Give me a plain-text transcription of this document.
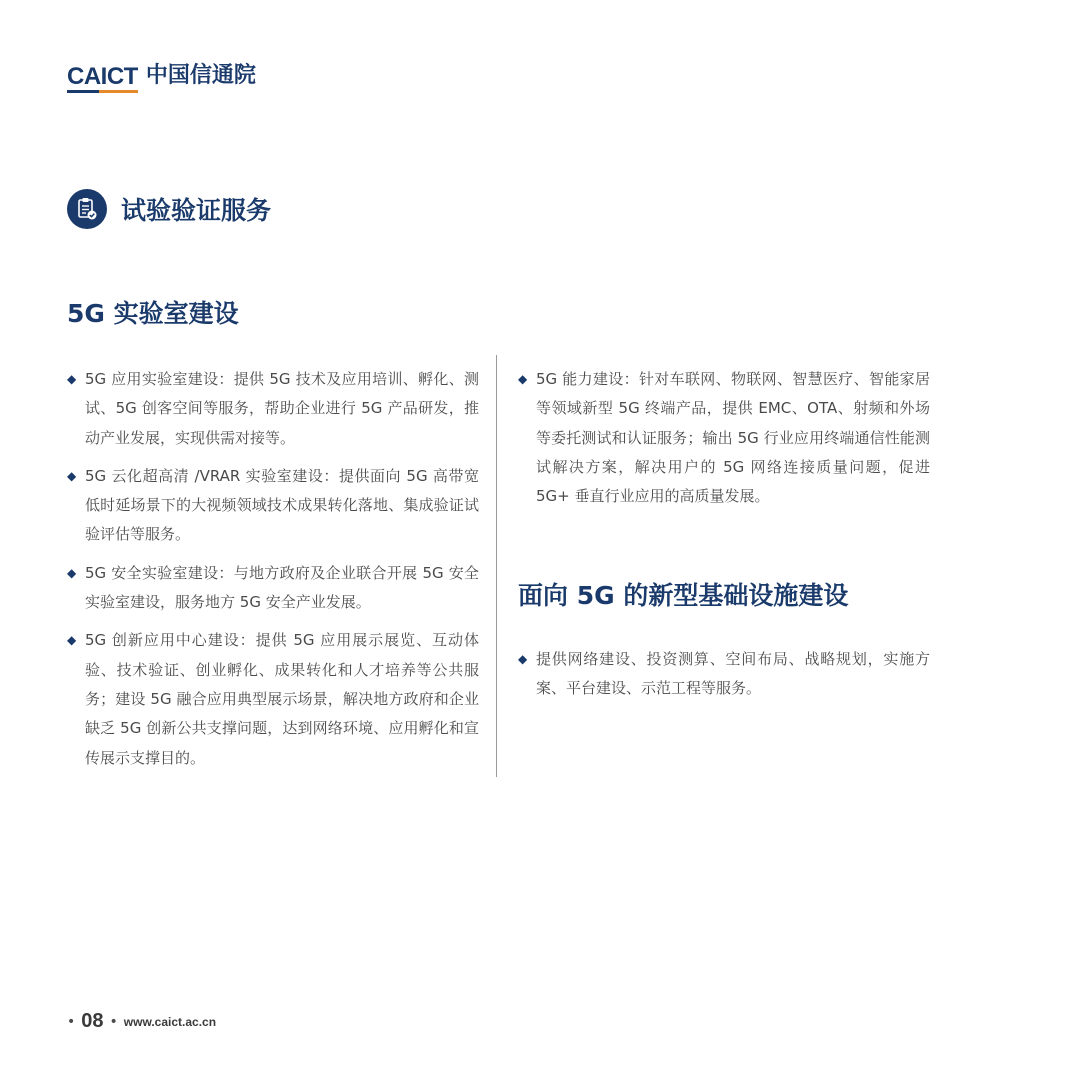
CAICT 中国信通院
试验验证服务
5G 实验室建设
◆ 5G 应用实验室建设：提供 5G 技术及应用培训、孵化、测试、5G 创客空间等服务，帮助企业进行 5G 产品研发，推动产业发展，实现供需对接等。
◆ 5G 云化超高清 /VRAR 实验室建设：提供面向 5G 高带宽低时延场景下的大视频领域技术成果转化落地、集成验证试验评估等服务。
◆ 5G 安全实验室建设：与地方政府及企业联合开展 5G 安全实验室建设，服务地方 5G 安全产业发展。
◆ 5G 创新应用中心建设：提供 5G 应用展示展览、互动体验、技术验证、创业孵化、成果转化和人才培养等公共服务；建设 5G 融合应用典型展示场景，解决地方政府和企业缺乏 5G 创新公共支撑问题，达到网络环境、应用孵化和宣传展示支撑目的。
◆ 5G 能力建设：针对车联网、物联网、智慧医疗、智能家居等领域新型 5G 终端产品，提供 EMC、OTA、射频和外场等委托测试和认证服务；输出 5G 行业应用终端通信性能测试解决方案，解决用户的 5G 网络连接质量问题，促进 5G+ 垂直行业应用的高质量发展。
面向 5G 的新型基础设施建设
◆ 提供网络建设、投资测算、空间布局、战略规划，实施方案、平台建设、示范工程等服务。
• 08 • www.caict.ac.cn
